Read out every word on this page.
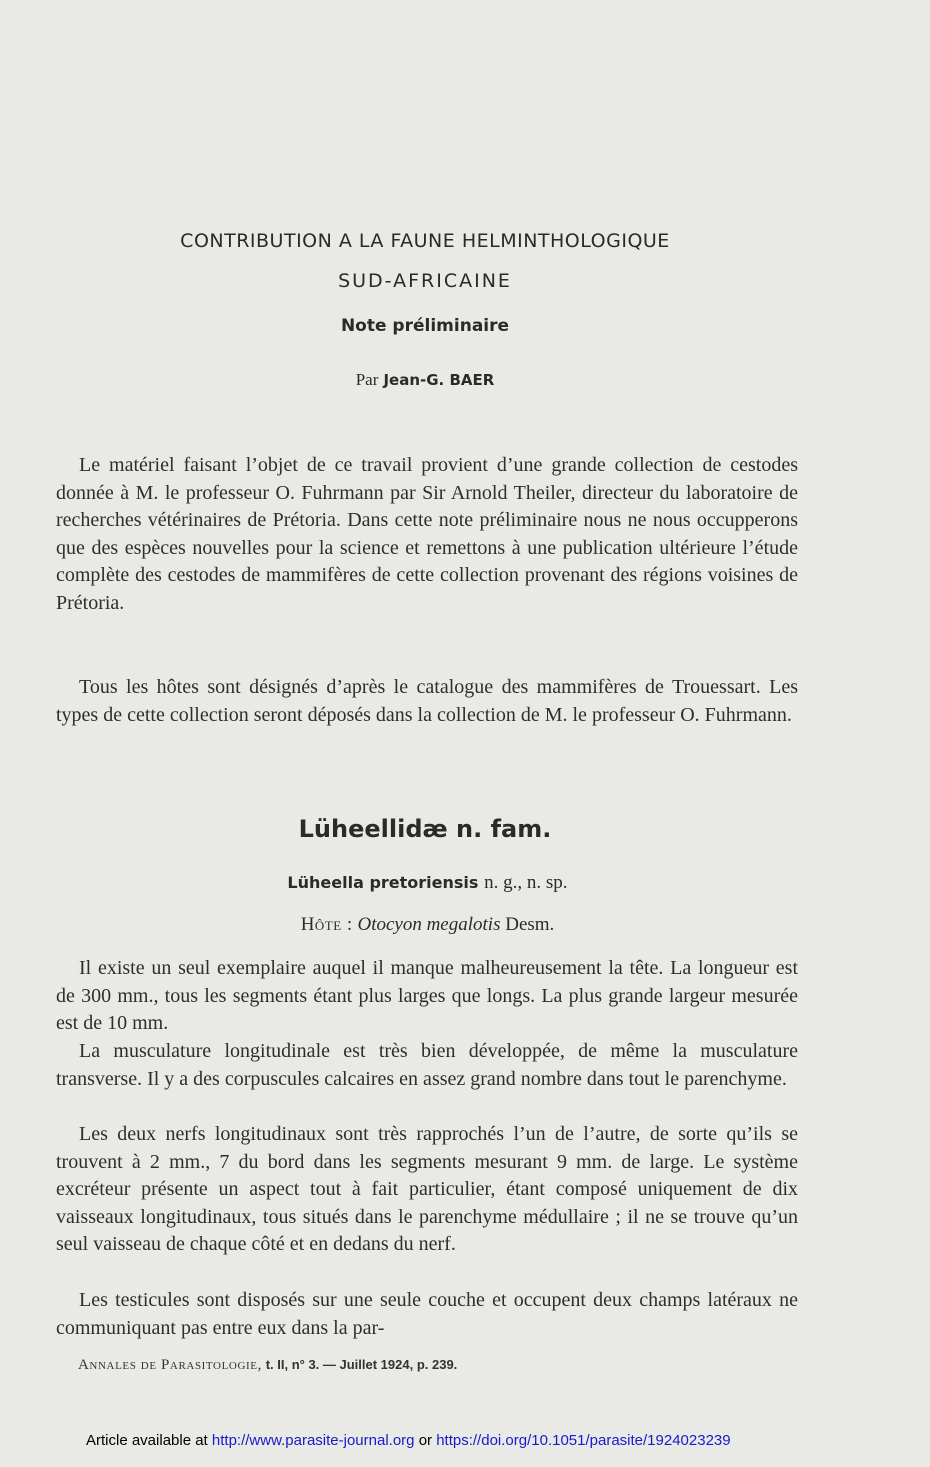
CONTRIBUTION A LA FAUNE HELMINTHOLOGIQUE
SUD-AFRICAINE
Note préliminaire
Par Jean-G. BAER

Le matériel faisant l’objet de ce travail provient d’une grande collection de cestodes donnée à M. le professeur O. Fuhrmann par Sir Arnold Theiler, directeur du laboratoire de recherches vétérinaires de Prétoria. Dans cette note préliminaire nous ne nous occupperons que des espèces nouvelles pour la science et remettons à une publication ultérieure l’étude complète des cestodes de mammifères de cette collection provenant des régions voisines de Prétoria.

Tous les hôtes sont désignés d’après le catalogue des mammifères de Trouessart. Les types de cette collection seront déposés dans la collection de M. le professeur O. Fuhrmann.

Lüheellidæ n. fam.
Lüheella pretoriensis n. g., n. sp.
Hôte : Otocyon megalotis Desm.

Il existe un seul exemplaire auquel il manque malheureusement la tête. La longueur est de 300 mm., tous les segments étant plus larges que longs. La plus grande largeur mesurée est de 10 mm.

La musculature longitudinale est très bien développée, de même la musculature transverse. Il y a des corpuscules calcaires en assez grand nombre dans tout le parenchyme.

Les deux nerfs longitudinaux sont très rapprochés l’un de l’autre, de sorte qu’ils se trouvent à 2 mm., 7 du bord dans les segments mesurant 9 mm. de large. Le système excréteur présente un aspect tout à fait particulier, étant composé uniquement de dix vaisseaux longitudinaux, tous situés dans le parenchyme médullaire ; il ne se trouve qu’un seul vaisseau de chaque côté et en dedans du nerf.

Les testicules sont disposés sur une seule couche et occupent deux champs latéraux ne communiquant pas entre eux dans la par-

Annales de Parasitologie, t. II, n° 3. — Juillet 1924, p. 239.
Article available at http://www.parasite-journal.org or https://doi.org/10.1051/parasite/1924023239
